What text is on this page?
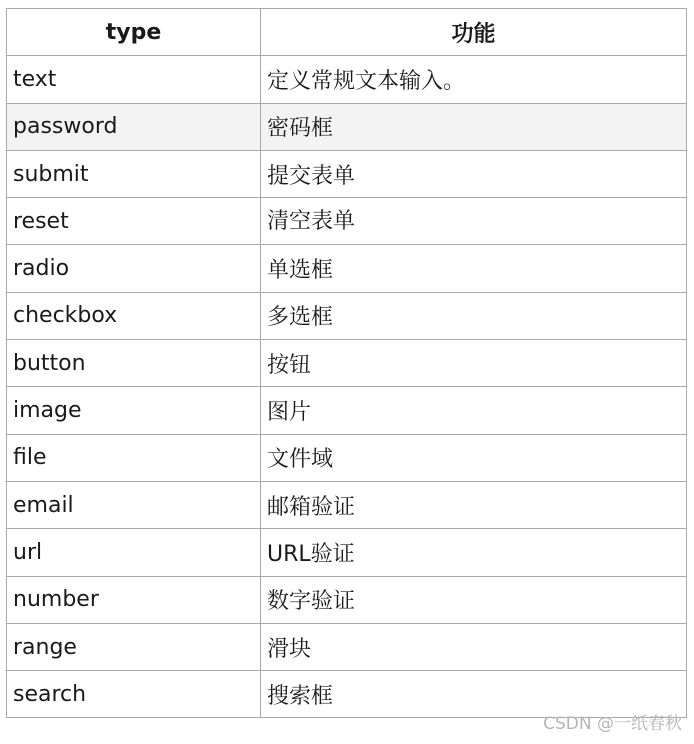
type	功能
text	定义常规文本输入。
password	密码框
submit	提交表单
reset	清空表单
radio	单选框
checkbox	多选框
button	按钮
image	图片
file	文件域
email	邮箱验证
url	URL验证
number	数字验证
range	滑块
search	搜索框
CSDN @一纸春秋
